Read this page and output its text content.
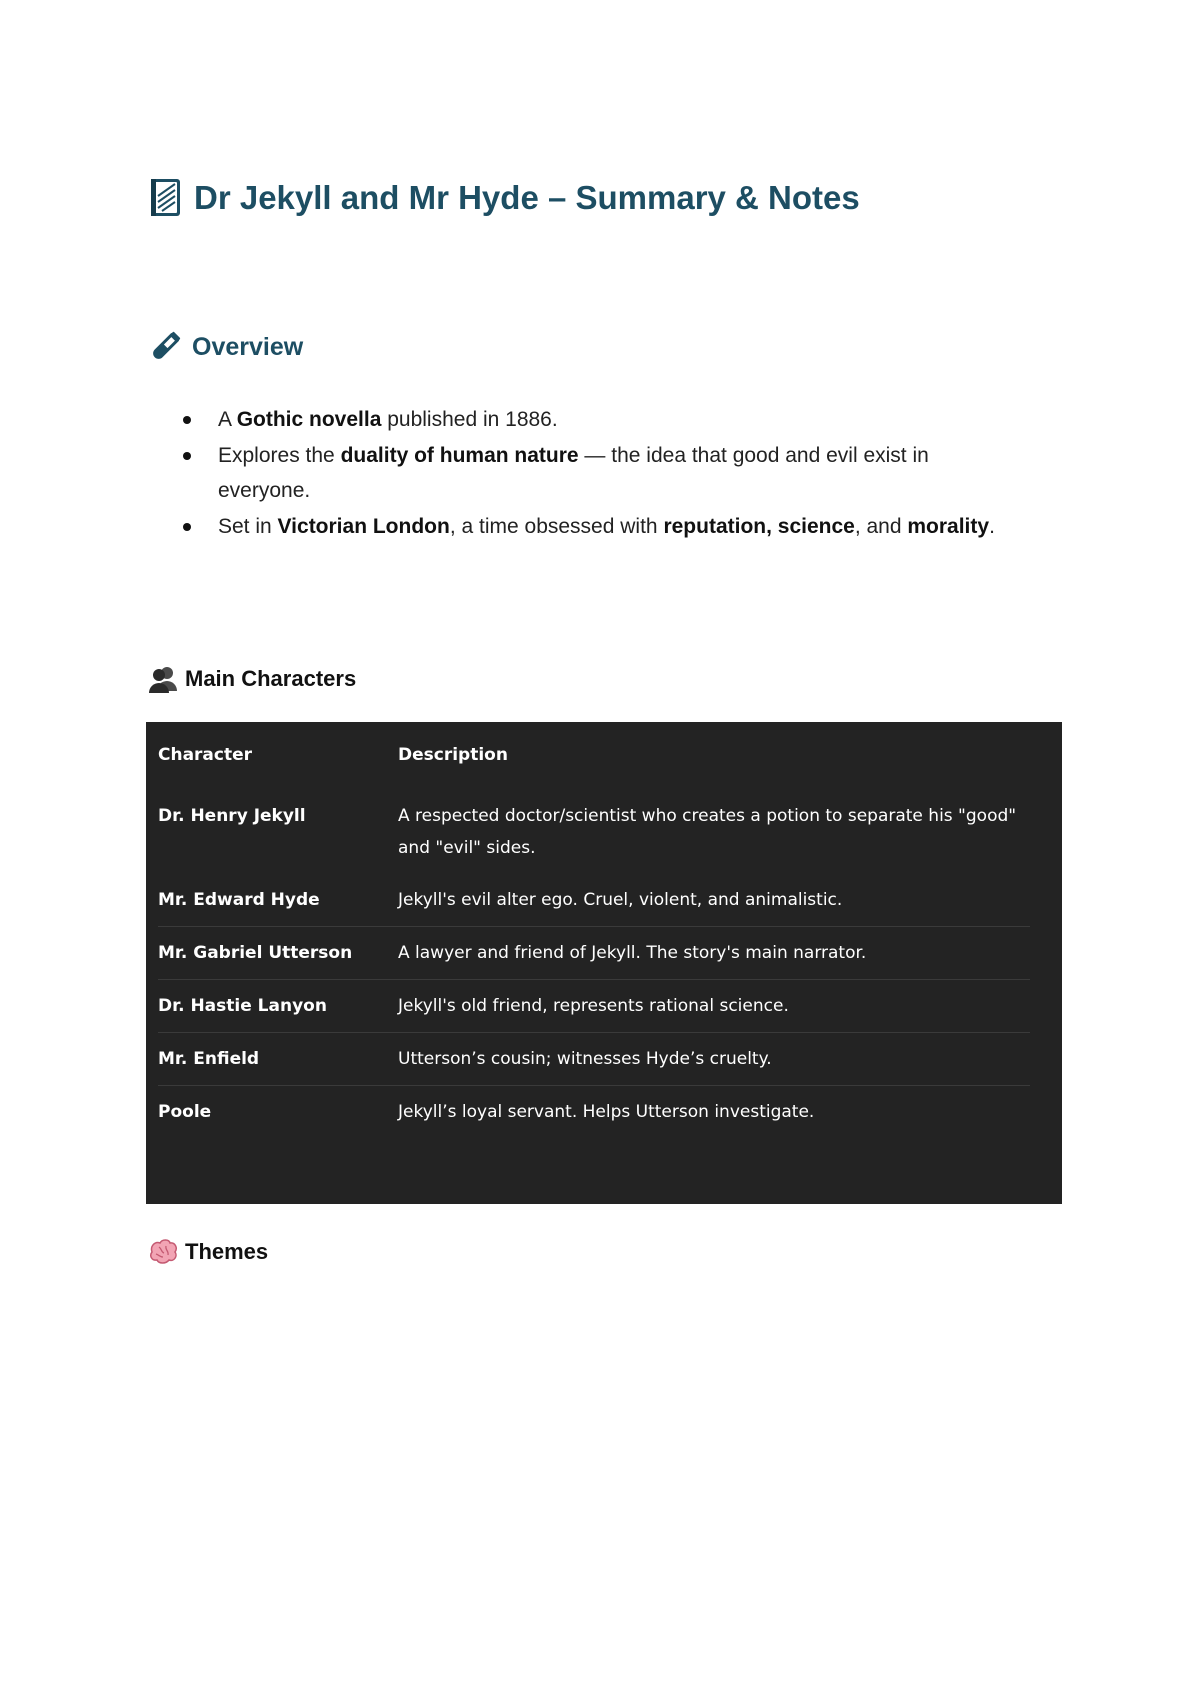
Dr Jekyll and Mr Hyde – Summary & Notes
Overview
A Gothic novella published in 1886.
Explores the duality of human nature — the idea that good and evil exist in everyone.
Set in Victorian London, a time obsessed with reputation, science, and morality.
Main Characters
Character	Description
Dr. Henry Jekyll	A respected doctor/scientist who creates a potion to separate his "good" and "evil" sides.
Mr. Edward Hyde	Jekyll's evil alter ego. Cruel, violent, and animalistic.
Mr. Gabriel Utterson	A lawyer and friend of Jekyll. The story's main narrator.
Dr. Hastie Lanyon	Jekyll's old friend, represents rational science.
Mr. Enfield	Utterson’s cousin; witnesses Hyde’s cruelty.
Poole	Jekyll’s loyal servant. Helps Utterson investigate.
Themes
